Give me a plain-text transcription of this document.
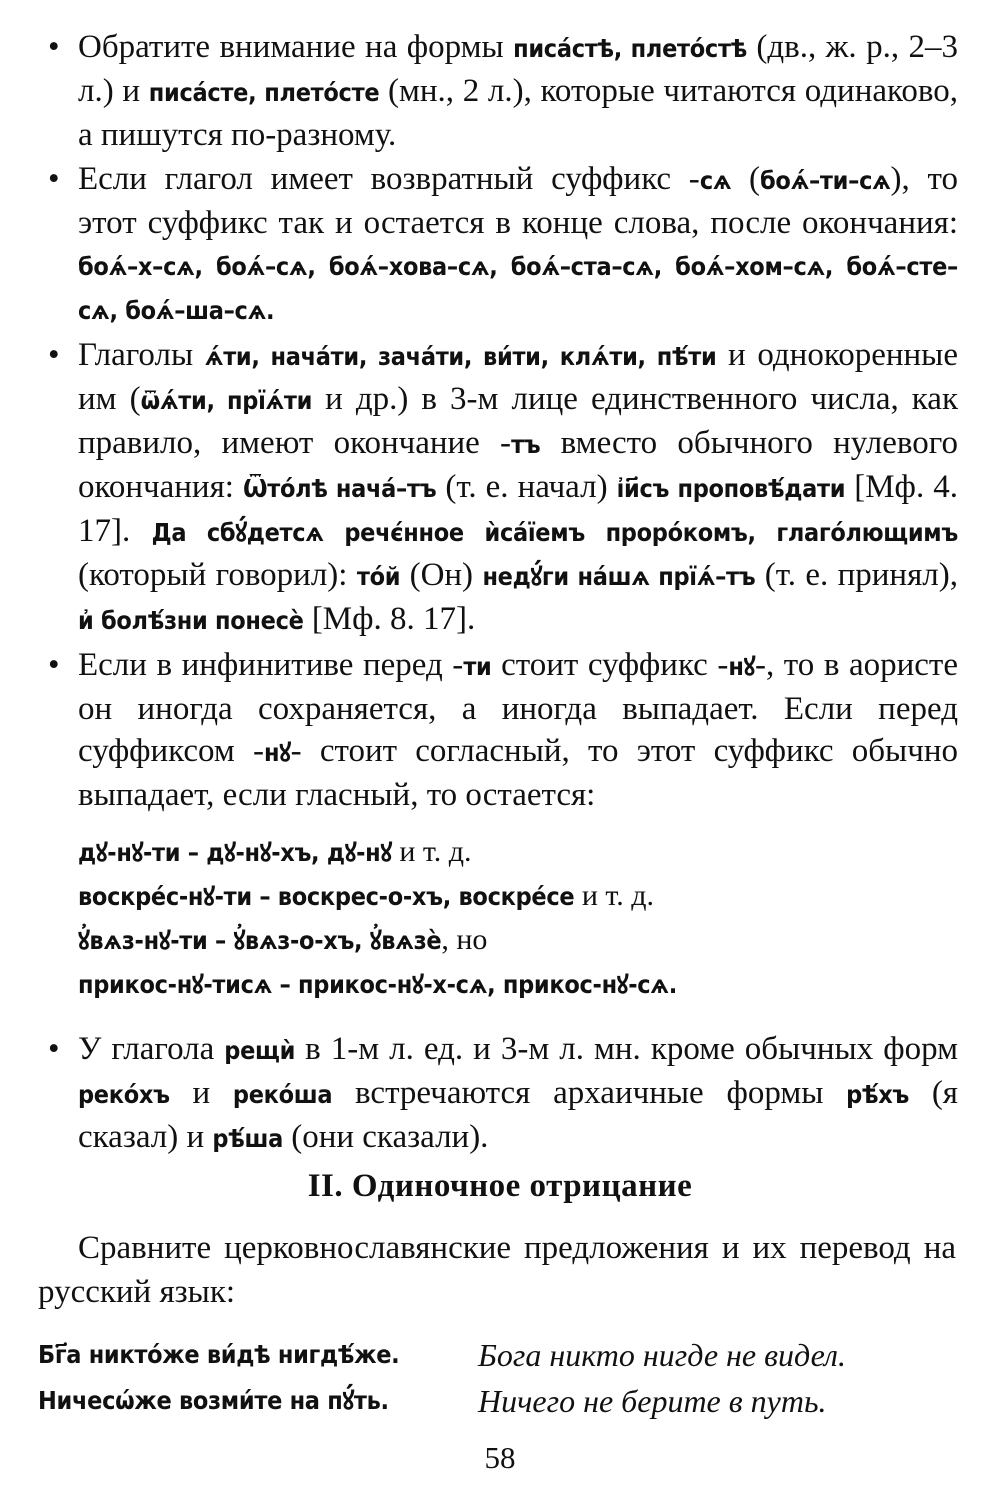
• Обратите внимание на формы писа́стѣ, плето́стѣ (дв., ж. р., 2–3 л.) и писа́сте, плето́сте (мн., 2 л.), которые читаются одинаково, а пишутся по-разному.
• Если глагол имеет возвратный суффикс -сѧ (боѧ́–ти–сѧ), то этот суффикс так и остается в конце слова, после окончания: боѧ́–х–сѧ, боѧ́–сѧ, боѧ́–хова–сѧ, боѧ́–ста–сѧ, боѧ́–хом–сѧ, боѧ́–сте–сѧ, боѧ́–ша–сѧ.
• Глаголы ѧ́ти, нача́ти, зача́ти, ви́ти, клѧ́ти, пѣ́ти и однокоренные им (ѿѧ́ти, прїѧ́ти и др.) в 3-м лице единственного числа, как правило, имеют окончание -тъ вместо обычного нулевого окончания: Ѿто́лѣ нача́–тъ (т. е. начал) і҆и҃съ проповѣ́дати [Мф. 4. 17]. Да сбꙋ́детсѧ речє́нное ѝса́їемъ проро́комъ, глаго́лющимъ (который говорил): то́й (Он) недꙋ́ги на́шѧ прїѧ́–тъ (т. е. принял), и҆ болѣ́зни понесѐ [Мф. 8. 17].
• Если в инфинитиве перед -ти стоит суффикс -нꙋ-, то в аористе он иногда сохраняется, а иногда выпадает. Если перед суффиксом -нꙋ- стоит согласный, то этот суффикс обычно выпадает, если гласный, то остается:
дꙋ-нꙋ-ти – дꙋ-нꙋ-хъ, дꙋ-нꙋ и т. д.
воскре́с-нꙋ-ти – воскрес-о-хъ, воскре́се и т. д.
ꙋ҆вѧз-нꙋ-ти – ꙋ҆вѧз-о-хъ, ꙋ҆вѧзѐ, но
прикос-нꙋ-тисѧ – прикос-нꙋ-х-сѧ, прикос-нꙋ-сѧ.
• У глагола рещѝ в 1-м л. ед. и 3-м л. мн. кроме обычных форм реко́хъ и реко́ша встречаются архаичные формы рѣ́хъ (я сказал) и рѣ́ша (они сказали).
II. Одиночное отрицание
Сравните церковнославянские предложения и их перевод на русский язык:
Бг҃а никто́же ви́дѣ нигдѣ́же.	Бога никто нигде не видел.
Ничесѡ́же возми́те на пꙋ́ть.	Ничего не берите в путь.
58
